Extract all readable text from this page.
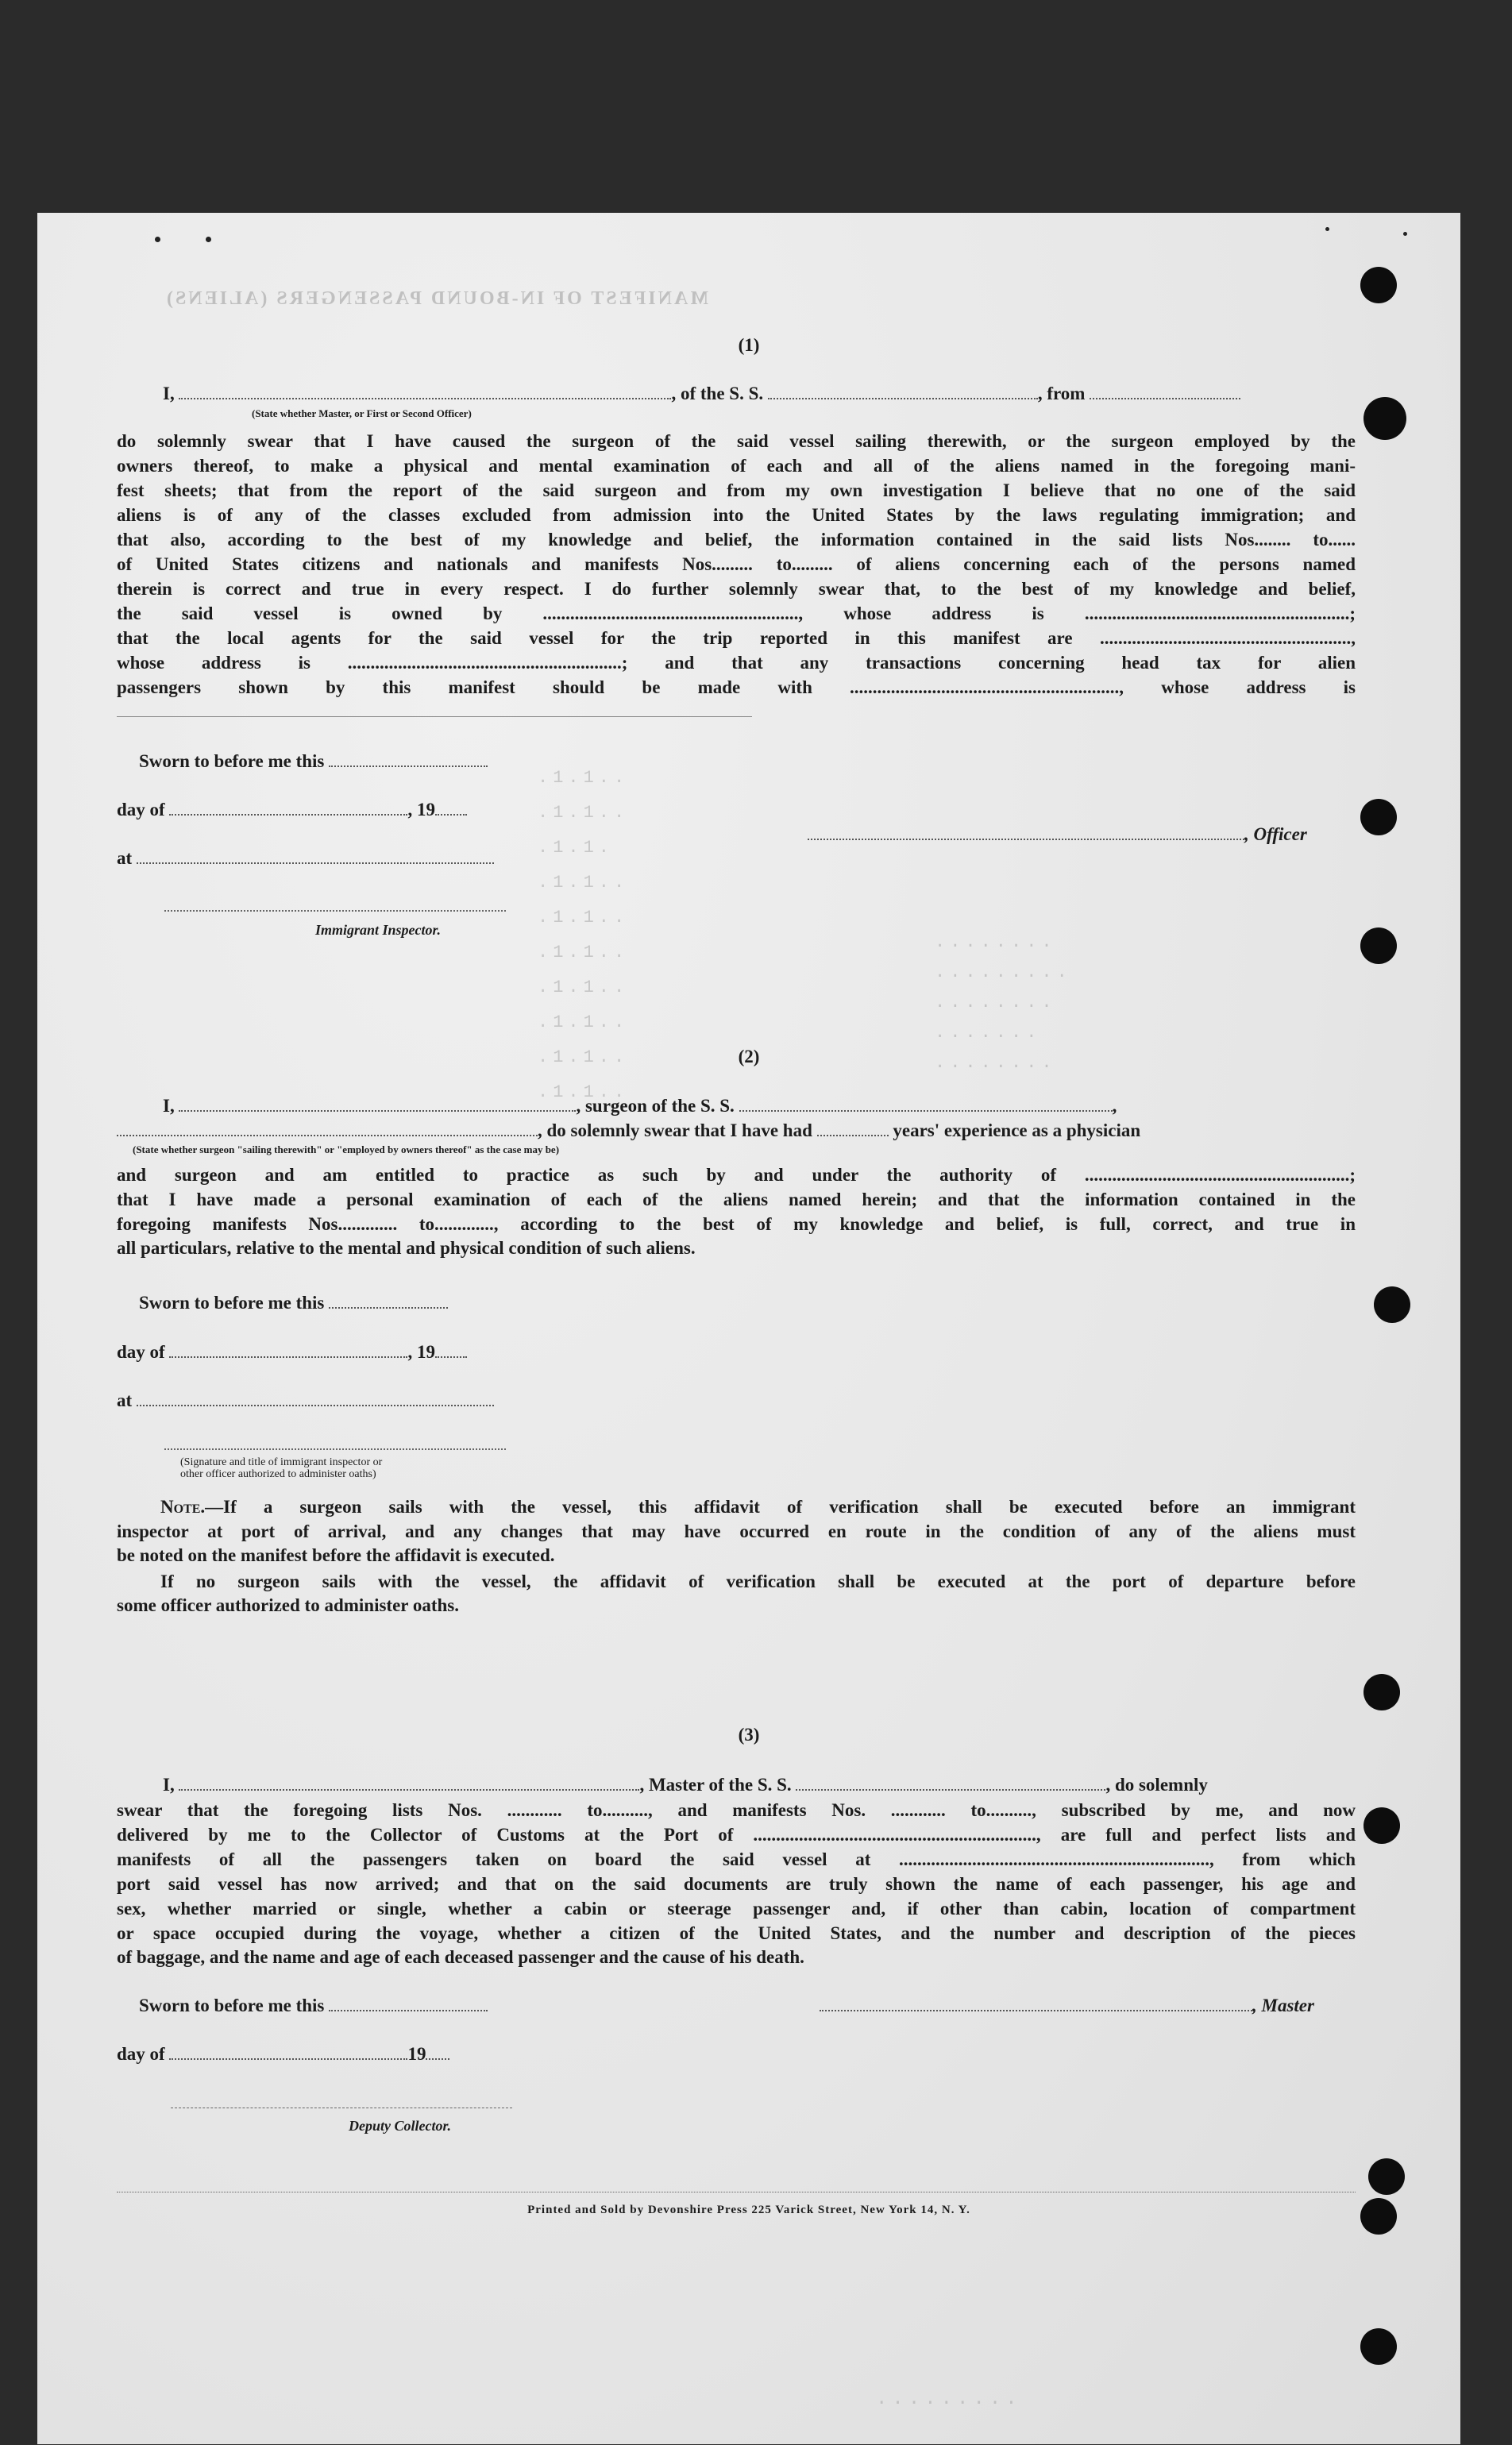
MANIFEST OF IN-BOUND PASSENGERS (ALIENS)
.1.1..
.1.1..
.1.1.
.1.1..
.1.1..
.1.1..
.1.1..
.1.1..
.1.1..
.1.1..
........
.........
........
.......
........
(1)
I,	, of the S. S.	, from
(State whether Master, or First or Second Officer)
do solemnly swear that I have caused the surgeon of the said vessel sailing therewith, or the surgeon employed by the
owners thereof, to make a physical and mental examination of each and all of the aliens named in the foregoing mani-
fest sheets; that from the report of the said surgeon and from my own investigation I believe that no one of the said
aliens is of any of the classes excluded from admission into the United States by the laws regulating immigration; and
that also, according to the best of my knowledge and belief, the information contained in the said lists Nos........ to......
of United States citizens and nationals and manifests Nos......... to......... of aliens concerning each of the persons named
therein is correct and true in every respect. I do further solemnly swear that, to the best of my knowledge and belief,
the said vessel is owned by ........................................................, whose address is ..........................................................;
that the local agents for the said vessel for the trip reported in this manifest are .......................................................,
whose address is ............................................................; and that any transactions concerning head tax for alien
passengers shown by this manifest should be made with ..........................................................., whose address is
Sworn to before me this
day of	, 19
at
, Officer
Immigrant Inspector.
(2)
I,	, surgeon of the S. S.	,
, do solemnly swear that I have had	years' experience as a physician
(State whether surgeon "sailing therewith" or "employed by owners thereof" as the case may be)
and surgeon and am entitled to practice as such by and under the authority of ..........................................................;
that I have made a personal examination of each of the aliens named herein; and that the information contained in the
foregoing manifests Nos............. to............., according to the best of my knowledge and belief, is full, correct, and true in
all particulars, relative to the mental and physical condition of such aliens.
Sworn to before me this
day of	, 19
at
(Signature and title of immigrant inspector or
other officer authorized to administer oaths)
Note.—If a surgeon sails with the vessel, this affidavit of verification shall be executed before an immigrant
inspector at port of arrival, and any changes that may have occurred en route in the condition of any of the aliens must
be noted on the manifest before the affidavit is executed.
If no surgeon sails with the vessel, the affidavit of verification shall be executed at the port of departure before
some officer authorized to administer oaths.
(3)
I,	, Master of the S. S.	, do solemnly
swear that the foregoing lists Nos. ............ to.........., and manifests Nos. ............ to.........., subscribed by me, and now
delivered by me to the Collector of Customs at the Port of .............................................................., are full and perfect lists and
manifests of all the passengers taken on board the said vessel at ...................................................................., from which
port said vessel has now arrived; and that on the said documents are truly shown the name of each passenger, his age and
sex, whether married or single, whether a cabin or steerage passenger and, if other than cabin, location of compartment
or space occupied during the voyage, whether a citizen of the United States, and the number and description of the pieces
of baggage, and the name and age of each deceased passenger and the cause of his death.
Sworn to before me this	, Master
day of	19
Deputy Collector.
Printed and Sold by Devonshire Press 225 Varick Street, New York 14, N. Y.
.........
